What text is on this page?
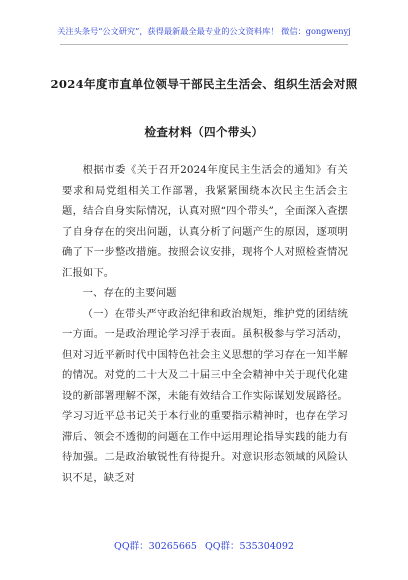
关注头条号“公文研究”，获得最新最全最专业的公文资料库！ 微信：gongwenyj
2024年度市直单位领导干部民主生活会、组织生活会对照
检查材料（四个带头）

根据市委《关于召开2024年度民主生活会的通知》有关要求和局党组相关工作部署，我紧紧围绕本次民主生活会主题，结合自身实际情况，认真对照“四个带头”，全面深入查摆了自身存在的突出问题，认真分析了问题产生的原因，逐项明确了下一步整改措施。按照会议安排，现将个人对照检查情况汇报如下。

一、存在的主要问题

（一）在带头严守政治纪律和政治规矩，维护党的团结统一方面。一是政治理论学习浮于表面。虽积极参与学习活动，但对习近平新时代中国特色社会主义思想的学习存在一知半解的情况。对党的二十大及二十届三中全会精神中关于现代化建设的新部署理解不深，未能有效结合工作实际谋划发展路径。学习习近平总书记关于本行业的重要指示精神时，也存在学习滞后、领会不透彻的问题在工作中运用理论指导实践的能力有待加强。二是政治敏锐性有待提升。对意识形态领域的风险认识不足，缺乏对

QQ群：30265665 QQ群：535304092
